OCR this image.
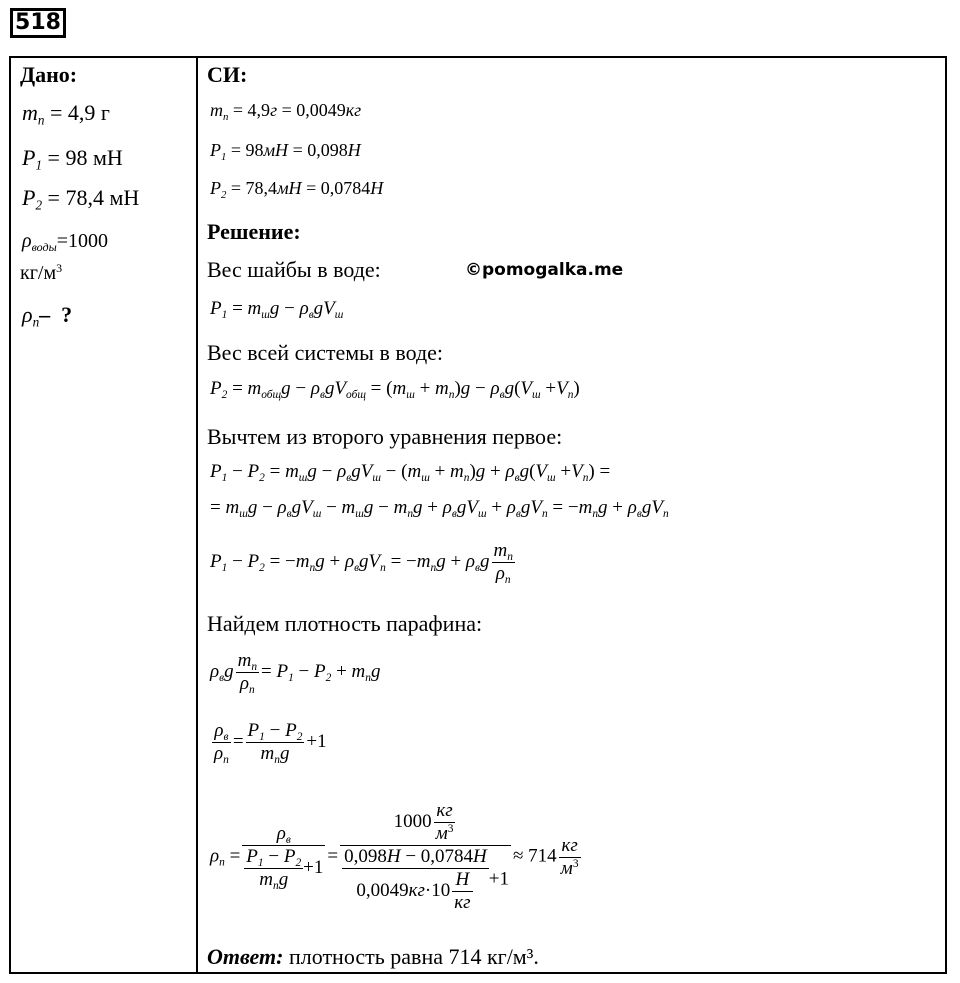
518
Дано:
$m_п = 4,9$ г
$P_1 = 98$ мН
$P_2 = 78,4$ мН
$\rho_{воды}=1000$
$кг/м^3$
$\rho_п-$  ?
СИ:
$m_п = 4,9г = 0,0049кг$
$P_1 = 98мН = 0,098Н$
$P_2 = 78,4мН = 0,0784Н$
Решение:
Вес шайбы в воде:	©pomogalka.me
$P_1 = m_шg - \rho_вgV_ш$
Вес всей системы в воде:
$P_2 = m_{общ}g - \rho_вgV_{общ} = (m_ш + m_п)g - \rho_вg(V_ш +V_п)$
Вычтем из второго уравнения первое:
$P_1 - P_2 = m_шg - \rho_вgV_ш - (m_ш + m_п)g + \rho_вg(V_ш +V_п)$ =
= $m_шg - \rho_вgV_ш - m_шg - m_пg + \rho_вgV_ш + \rho_вgV_п = -m_пg + \rho_вgV_п$
$P_1 - P_2 = -m_пg + \rho_вgV_п = -m_пg + \rho_вg$
$m_п$
$\rho_п$
Найдем плотность парафина:
$\rho_вg$
$m_п$
$\rho_п$
= $P_1 - P_2 + m_пg$
$\rho_в$
$\rho_п$
=
$P_1 - P_2$
$m_пg$
+1
$\rho_п$ =
$\rho_в$
$P_1 - P_2$
$m_пg$
+1
=
1000
кг
$м^3$
0,098Н − 0,0784Н
0,0049кг·10
Н
кг
+1
≈ 714
кг
$м^3$
Ответ: плотность равна 714 кг/м³.
